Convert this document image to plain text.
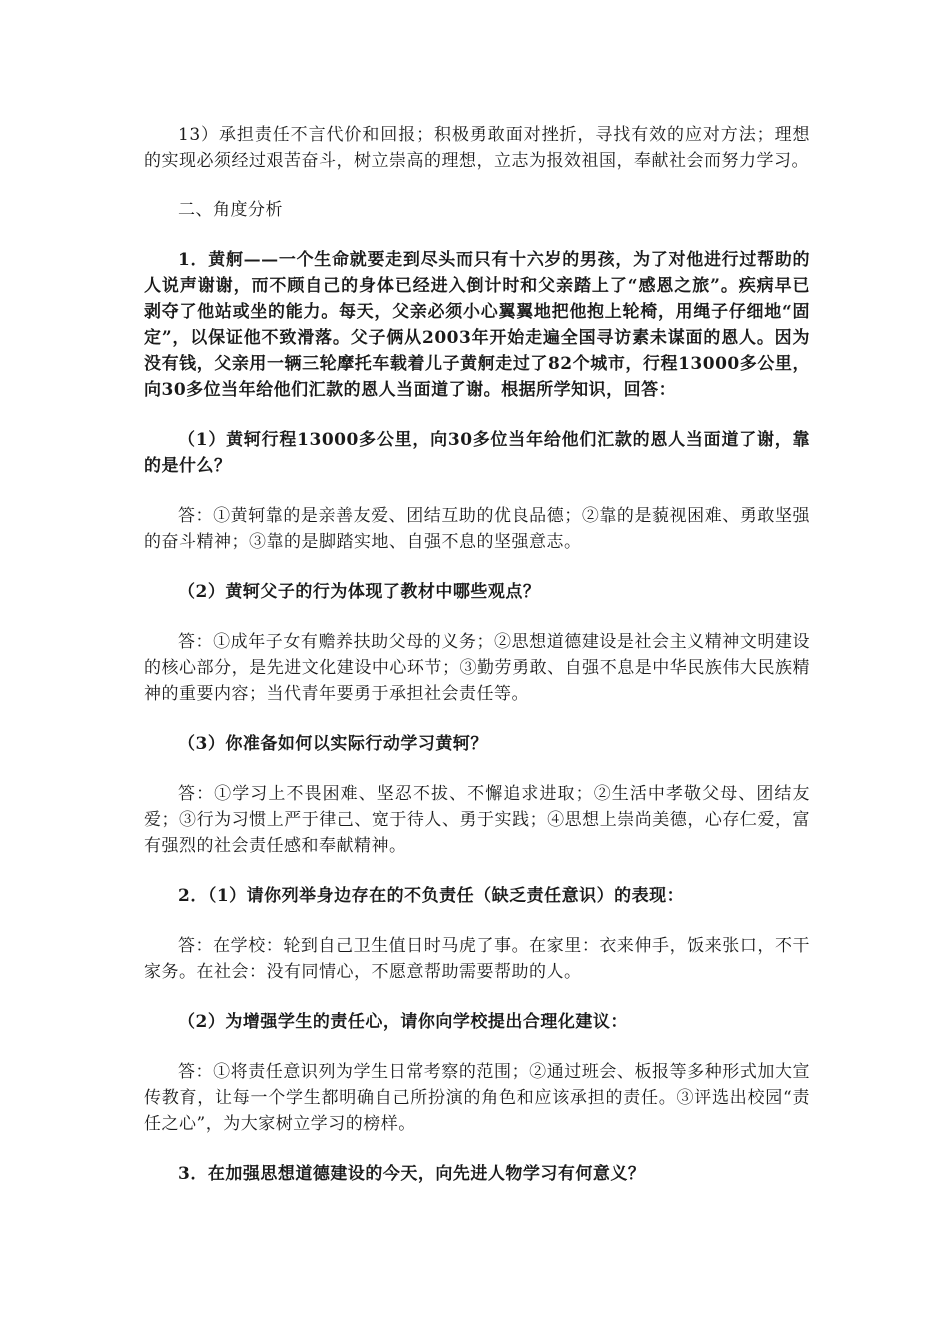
13）承担责任不言代价和回报；积极勇敢面对挫折，寻找有效的应对方法；理想的实现必须经过艰苦奋斗，树立崇高的理想，立志为报效祖国，奉献社会而努力学习。

二、角度分析

1．黄舸——一个生命就要走到尽头而只有十六岁的男孩，为了对他进行过帮助的人说声谢谢，而不顾自己的身体已经进入倒计时和父亲踏上了“感恩之旅”。疾病早已剥夺了他站或坐的能力。每天，父亲必须小心翼翼地把他抱上轮椅，用绳子仔细地“固定”，以保证他不致滑落。父子俩从2003年开始走遍全国寻访素未谋面的恩人。因为没有钱，父亲用一辆三轮摩托车载着儿子黄舸走过了82个城市，行程13000多公里，向30多位当年给他们汇款的恩人当面道了谢。根据所学知识，回答：

（1）黄轲行程13000多公里，向30多位当年给他们汇款的恩人当面道了谢，靠的是什么？

答：①黄轲靠的是亲善友爱、团结互助的优良品德；②靠的是藐视困难、勇敢坚强的奋斗精神；③靠的是脚踏实地、自强不息的坚强意志。

（2）黄轲父子的行为体现了教材中哪些观点？

答：①成年子女有赡养扶助父母的义务；②思想道德建设是社会主义精神文明建设的核心部分，是先进文化建设中心环节；③勤劳勇敢、自强不息是中华民族伟大民族精神的重要内容；当代青年要勇于承担社会责任等。

（3）你准备如何以实际行动学习黄轲？

答：①学习上不畏困难、坚忍不拔、不懈追求进取；②生活中孝敬父母、团结友爱；③行为习惯上严于律己、宽于待人、勇于实践；④思想上崇尚美德，心存仁爱，富有强烈的社会责任感和奉献精神。

2．（1）请你列举身边存在的不负责任（缺乏责任意识）的表现：

答：在学校：轮到自己卫生值日时马虎了事。在家里：衣来伸手，饭来张口，不干家务。在社会：没有同情心，不愿意帮助需要帮助的人。

（2）为增强学生的责任心，请你向学校提出合理化建议：

答：①将责任意识列为学生日常考察的范围；②通过班会、板报等多种形式加大宣传教育，让每一个学生都明确自己所扮演的角色和应该承担的责任。③评选出校园“责任之心”，为大家树立学习的榜样。

3．在加强思想道德建设的今天，向先进人物学习有何意义？
